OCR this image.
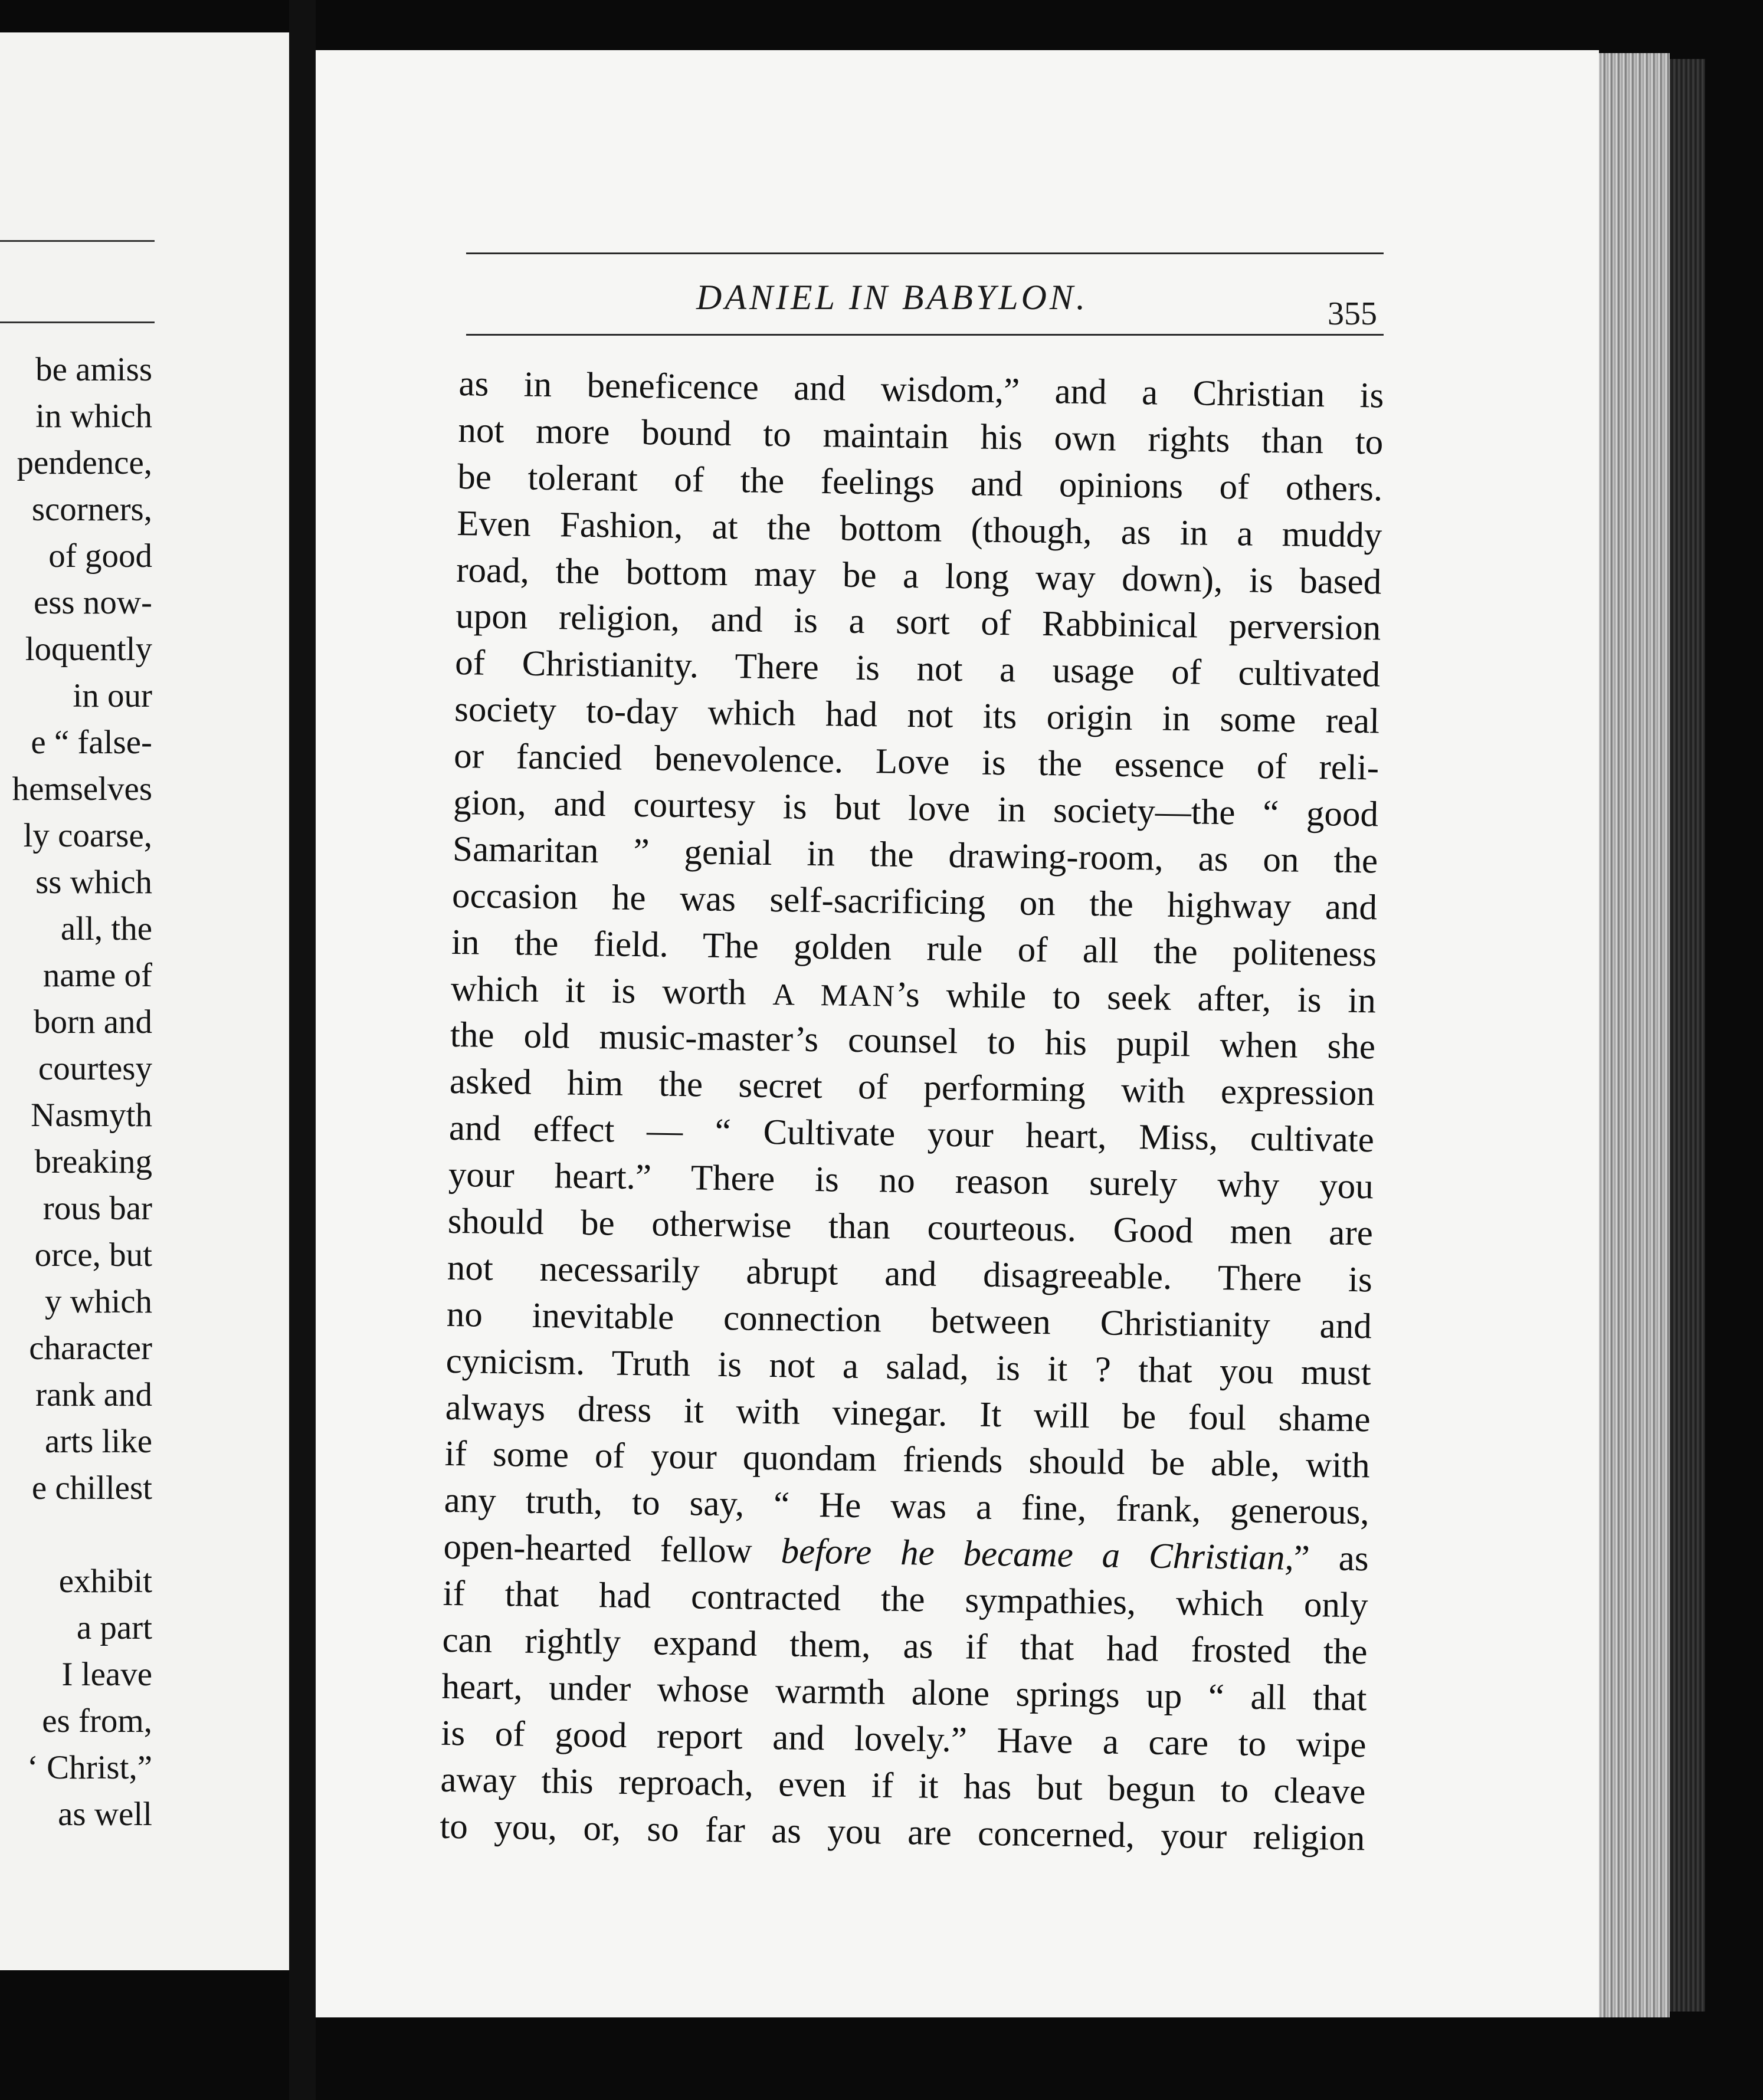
be amiss
in which
pendence,
scorners,
of good
ess now-
loquently
in our
e “ false-
hemselves
ly coarse,
ss which
all, the
name of
born and
courtesy
Nasmyth
breaking
rous bar
orce, but
y which
character
rank and
arts like
e chillest
exhibit
a part
I leave
es from,
‘ Christ,”
as well
DANIEL IN BABYLON.	355
as in beneficence and wisdom,” and a Christian is
not more bound to maintain his own rights than to
be tolerant of the feelings and opinions of others.
Even Fashion, at the bottom (though, as in a muddy
road, the bottom may be a long way down), is based
upon religion, and is a sort of Rabbinical perversion
of Christianity. There is not a usage of cultivated
society to-day which had not its origin in some real
or fancied benevolence. Love is the essence of reli-
gion, and courtesy is but love in society—the “ good
Samaritan ” genial in the drawing-room, as on the
occasion he was self-sacrificing on the highway and
in the field. The golden rule of all the politeness
which it is worth A MAN’s while to seek after, is in
the old music-master’s counsel to his pupil when she
asked him the secret of performing with expression
and effect — “ Cultivate your heart, Miss, cultivate
your heart.” There is no reason surely why you
should be otherwise than courteous. Good men are
not necessarily abrupt and disagreeable. There is
no inevitable connection between Christianity and
cynicism. Truth is not a salad, is it ? that you must
always dress it with vinegar. It will be foul shame
if some of your quondam friends should be able, with
any truth, to say, “ He was a fine, frank, generous,
open-hearted fellow before he became a Christian,” as
if that had contracted the sympathies, which only
can rightly expand them, as if that had frosted the
heart, under whose warmth alone springs up “ all that
is of good report and lovely.” Have a care to wipe
away this reproach, even if it has but begun to cleave
to you, or, so far as you are concerned, your religion
